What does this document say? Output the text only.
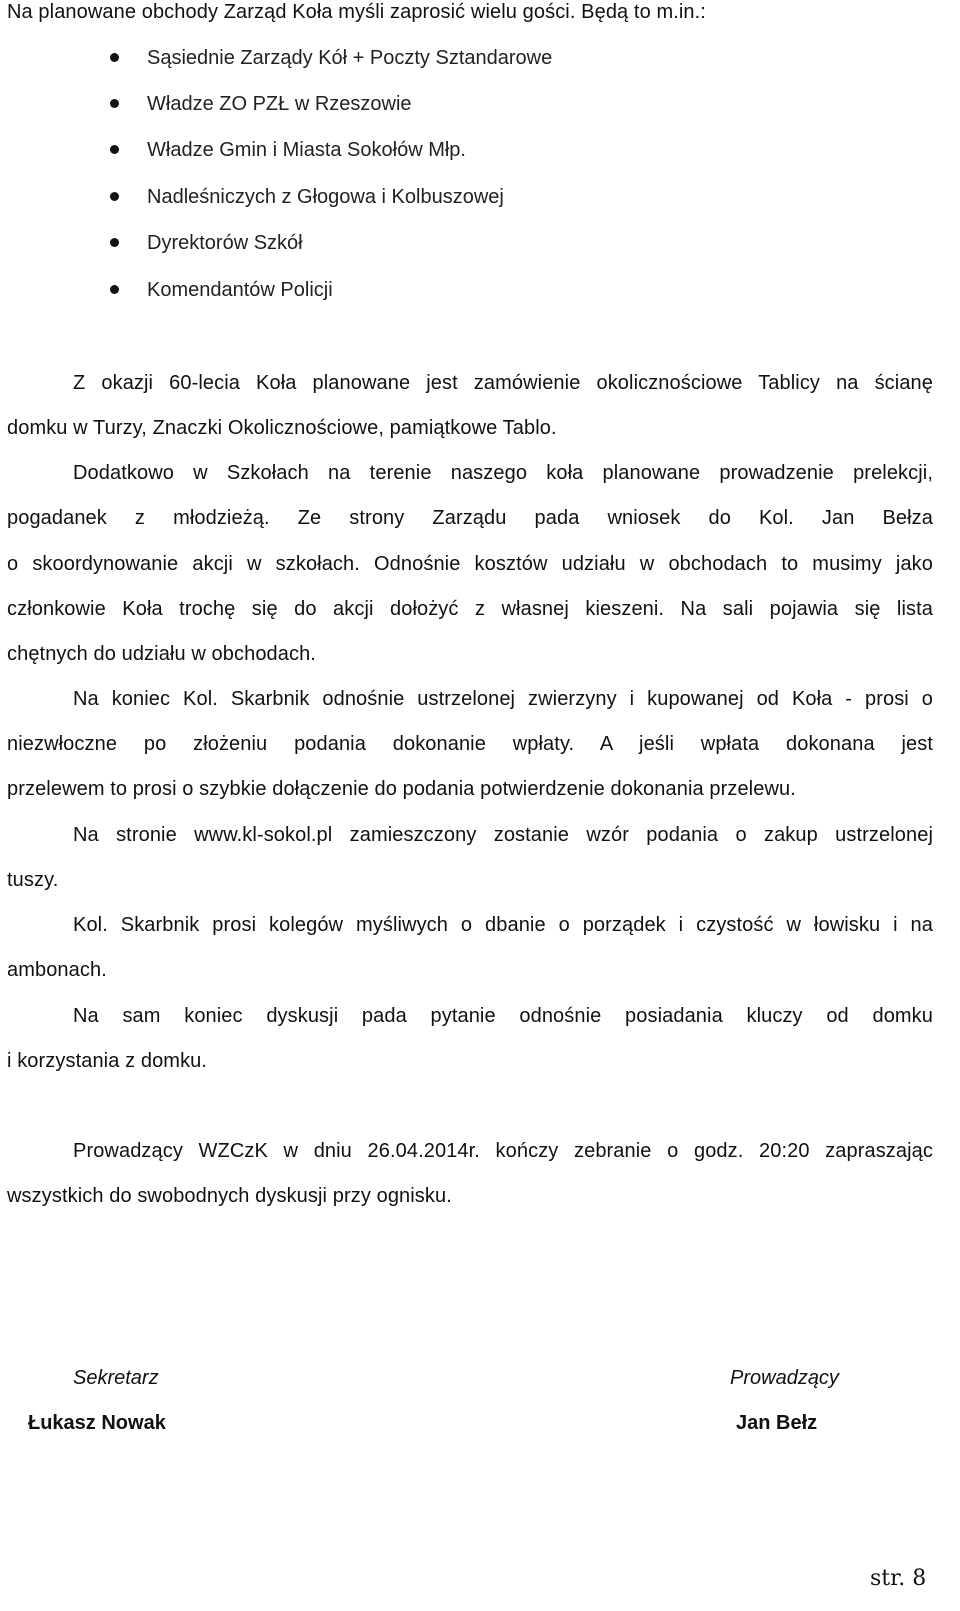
Na planowane obchody Zarząd Koła myśli zaprosić wielu gości. Będą to m.in.:
Sąsiednie Zarządy Kół + Poczty Sztandarowe
Władze ZO PZŁ w Rzeszowie
Władze Gmin i Miasta Sokołów Młp.
Nadleśniczych z Głogowa i Kolbuszowej
Dyrektorów Szkół
Komendantów Policji
Z okazji 60-lecia Koła planowane jest zamówienie okolicznościowe Tablicy na ścianę
domku w Turzy, Znaczki Okolicznościowe, pamiątkowe Tablo.
Dodatkowo w Szkołach na terenie naszego koła planowane prowadzenie prelekcji,
pogadanek z młodzieżą. Ze strony Zarządu pada wniosek do Kol. Jan Bełza
o skoordynowanie akcji w szkołach. Odnośnie kosztów udziału w obchodach to musimy jako
członkowie Koła trochę się do akcji dołożyć z własnej kieszeni. Na sali pojawia się lista
chętnych do udziału w obchodach.
Na koniec Kol. Skarbnik odnośnie ustrzelonej zwierzyny i kupowanej od Koła - prosi o
niezwłoczne po złożeniu podania dokonanie wpłaty. A jeśli wpłata dokonana jest
przelewem to prosi o szybkie dołączenie do podania potwierdzenie dokonania przelewu.
Na stronie www.kl-sokol.pl zamieszczony zostanie wzór podania o zakup ustrzelonej
tuszy.
Kol. Skarbnik prosi kolegów myśliwych o dbanie o porządek i czystość w łowisku i na
ambonach.
Na sam koniec dyskusji pada pytanie odnośnie posiadania kluczy od domku
i korzystania z domku.
Prowadzący WZCzK w dniu 26.04.2014r. kończy zebranie o godz. 20:20 zapraszając
wszystkich do swobodnych dyskusji przy ognisku.
Sekretarz
Łukasz Nowak
Prowadzący
Jan Bełz
str. 8
